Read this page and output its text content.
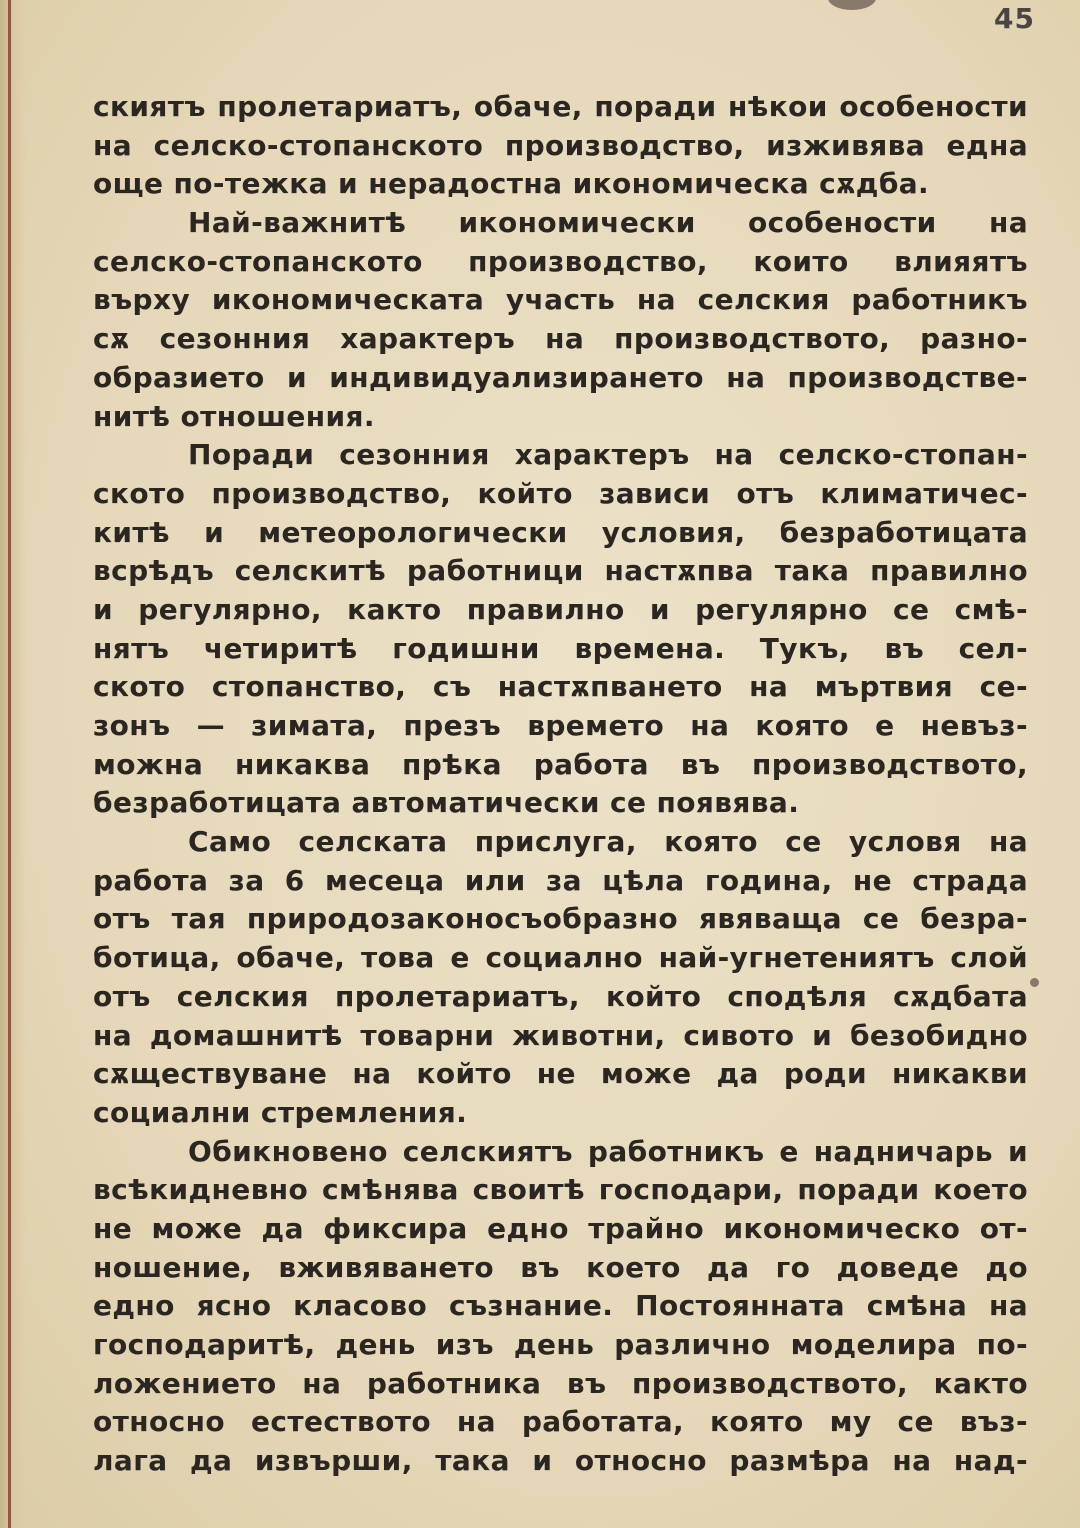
45
скиятъ пролетариатъ, обаче, поради нѣкои особености
на селско-стопанското производство, изживява една
още по-тежка и нерадостна икономическа сѫдба.
Най-важнитѣ икономически особености на
селско-стопанското производство, които влияятъ
върху икономическата участь на селския работникъ
сѫ сезонния характеръ на производството, разно-
образието и индивидуализирането на производстве-
нитѣ отношения.
Поради сезонния характеръ на селско-стопан-
ското производство, който зависи отъ климатичес-
китѣ и метеорологически условия, безработицата
всрѣдъ селскитѣ работници настѫпва така правилно
и регулярно, както правилно и регулярно се смѣ-
нятъ четиритѣ годишни времена. Тукъ, въ сел-
ското стопанство, съ настѫпването на мъртвия се-
зонъ — зимата, презъ времето на която е невъз-
можна никаква прѣка работа въ производството,
безработицата автоматически се появява.
Само селската прислуга, която се условя на
работа за 6 месеца или за цѣла година, не страда
отъ тая природозаконосъобразно явяваща се безра-
ботица, обаче, това е социално най-угнетениятъ слой
отъ селския пролетариатъ, който сподѣля сѫдбата
на домашнитѣ товарни животни, сивото и безобидно
сѫществуване на който не може да роди никакви
социални стремления.
Обикновено селскиятъ работникъ е надничарь и
всѣкидневно смѣнява своитѣ господари, поради което
не може да фиксира едно трайно икономическо от-
ношение, вживяването въ което да го доведе до
едно ясно класово съзнание. Постоянната смѣна на
господаритѣ, день изъ день различно моделира по-
ложението на работника въ производството, както
относно естеството на работата, която му се въз-
лага да извърши, така и относно размѣра на над-
